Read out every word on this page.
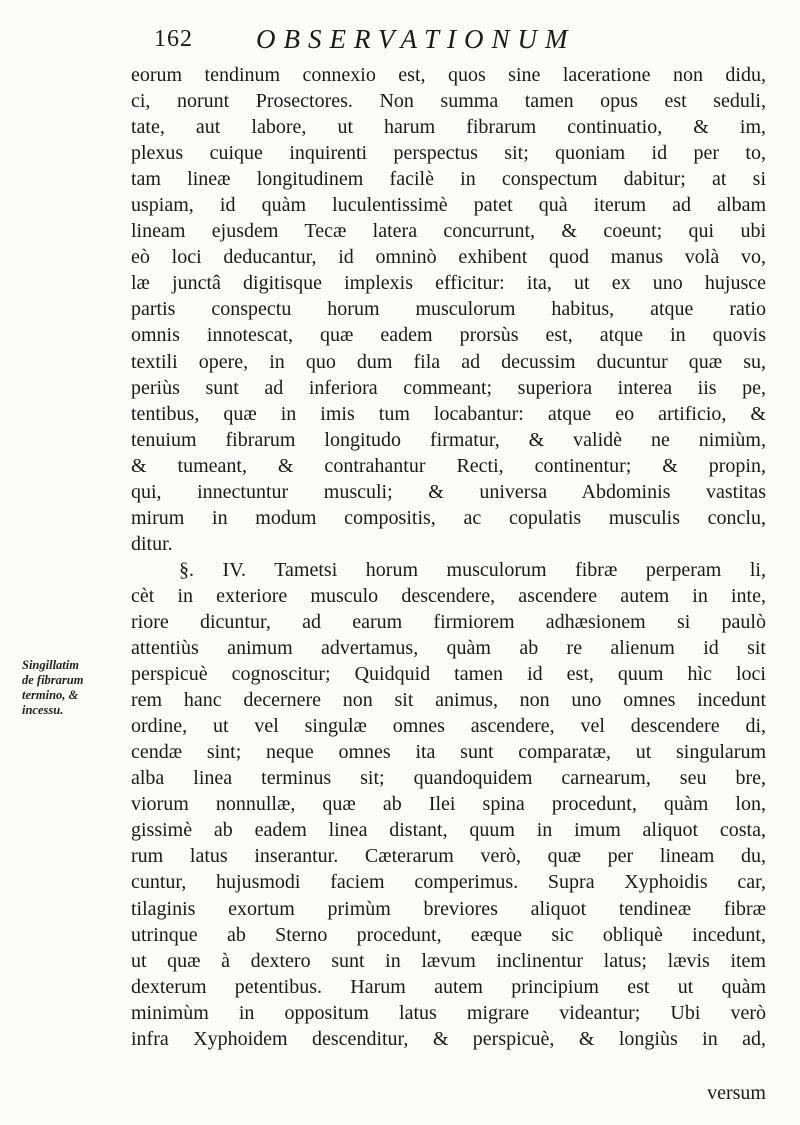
162 OBSERVATIONUM
eorum tendinum connexio est, quos sine laceratione non didu,
ci, norunt Prosectores. Non summa tamen opus est seduli,
tate, aut labore, ut harum fibrarum continuatio, & im,
plexus cuique inquirenti perspectus sit; quoniam id per to,
tam lineæ longitudinem facilè in conspectum dabitur; at si
uspiam, id quàm luculentissimè patet quà iterum ad albam
lineam ejusdem Tecæ latera concurrunt, & coeunt; qui ubi
eò loci deducantur, id omninò exhibent quod manus volà vo,
læ junctâ digitisque implexis efficitur: ita, ut ex uno hujusce
partis conspectu horum musculorum habitus, atque ratio
omnis innotescat, quæ eadem prorsùs est, atque in quovis
textili opere, in quo dum fila ad decussim ducuntur quæ su,
periùs sunt ad inferiora commeant; superiora interea iis pe,
tentibus, quæ in imis tum locabantur: atque eo artificio, &
tenuium fibrarum longitudo firmatur, & validè ne nimiùm,
& tumeant, & contrahantur Recti, continentur; & propin,
qui, innectuntur musculi; & universa Abdominis vastitas
mirum in modum compositis, ac copulatis musculis conclu,
ditur.
§. IV. Tametsi horum musculorum fibræ perperam li,
cèt in exteriore musculo descendere, ascendere autem in inte,
riore dicuntur, ad earum firmiorem adhæsionem si paulò
attentiùs animum advertamus, quàm ab re alienum id sit
perspicuè cognoscitur; Quidquid tamen id est, quum hìc loci
rem hanc decernere non sit animus, non uno omnes incedunt
ordine, ut vel singulæ omnes ascendere, vel descendere di,
cendæ sint; neque omnes ita sunt comparatæ, ut singularum
alba linea terminus sit; quandoquidem carnearum, seu bre,
viorum nonnullæ, quæ ab Ilei spina procedunt, quàm lon,
gissimè ab eadem linea distant, quum in imum aliquot costa,
rum latus inserantur. Cæterarum verò, quæ per lineam du,
cuntur, hujusmodi faciem comperimus. Supra Xyphoidis car,
tilaginis exortum primùm breviores aliquot tendineæ fibræ
utrinque ab Sterno procedunt, eæque sic obliquè incedunt,
ut quæ à dextero sunt in lævum inclinentur latus; lævis item
dexterum petentibus. Harum autem principium est ut quàm
minimùm in oppositum latus migrare videantur; Ubi verò
infra Xyphoidem descenditur, & perspicuè, & longiùs in ad,
Singillatim
de fibrarum
termino, &
incessu.
versum
